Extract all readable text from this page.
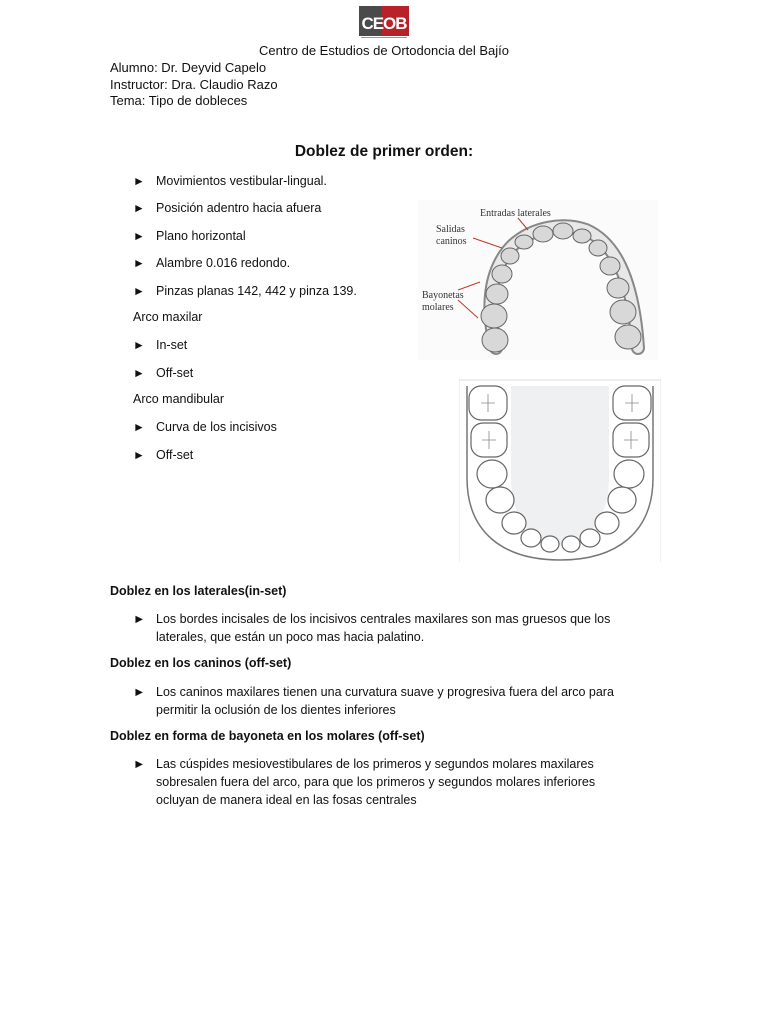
CEOB
Centro de Estudios de Ortodoncia del Bajío
Alumno: Dr. Deyvid Capelo
Instructor: Dra. Claudio Razo
Tema: Tipo de dobleces
Doblez de primer orden:
► Movimientos vestibular-lingual.
► Posición adentro hacia afuera
► Plano horizontal
► Alambre 0.016 redondo.
► Pinzas planas 142, 442 y pinza 139.
Arco maxilar
► In-set
► Off-set
Arco mandibular
► Curva de los incisivos
► Off-set
Entradas laterales
Salidas
caninos
Bayonetas
molares
Doblez en los laterales(in-set)
► Los bordes incisales de los incisivos centrales maxilares son mas gruesos que los
laterales, que están un poco mas hacia palatino.
Doblez en los caninos (off-set)
► Los caninos maxilares tienen una curvatura suave y progresiva fuera del arco para
permitir la oclusión de los dientes inferiores
Doblez en forma de bayoneta en los molares (off-set)
► Las cúspides mesiovestibulares de los primeros y segundos molares maxilares
sobresalen fuera del arco, para que los primeros y segundos molares inferiores
ocluyan de manera ideal en las fosas centrales
